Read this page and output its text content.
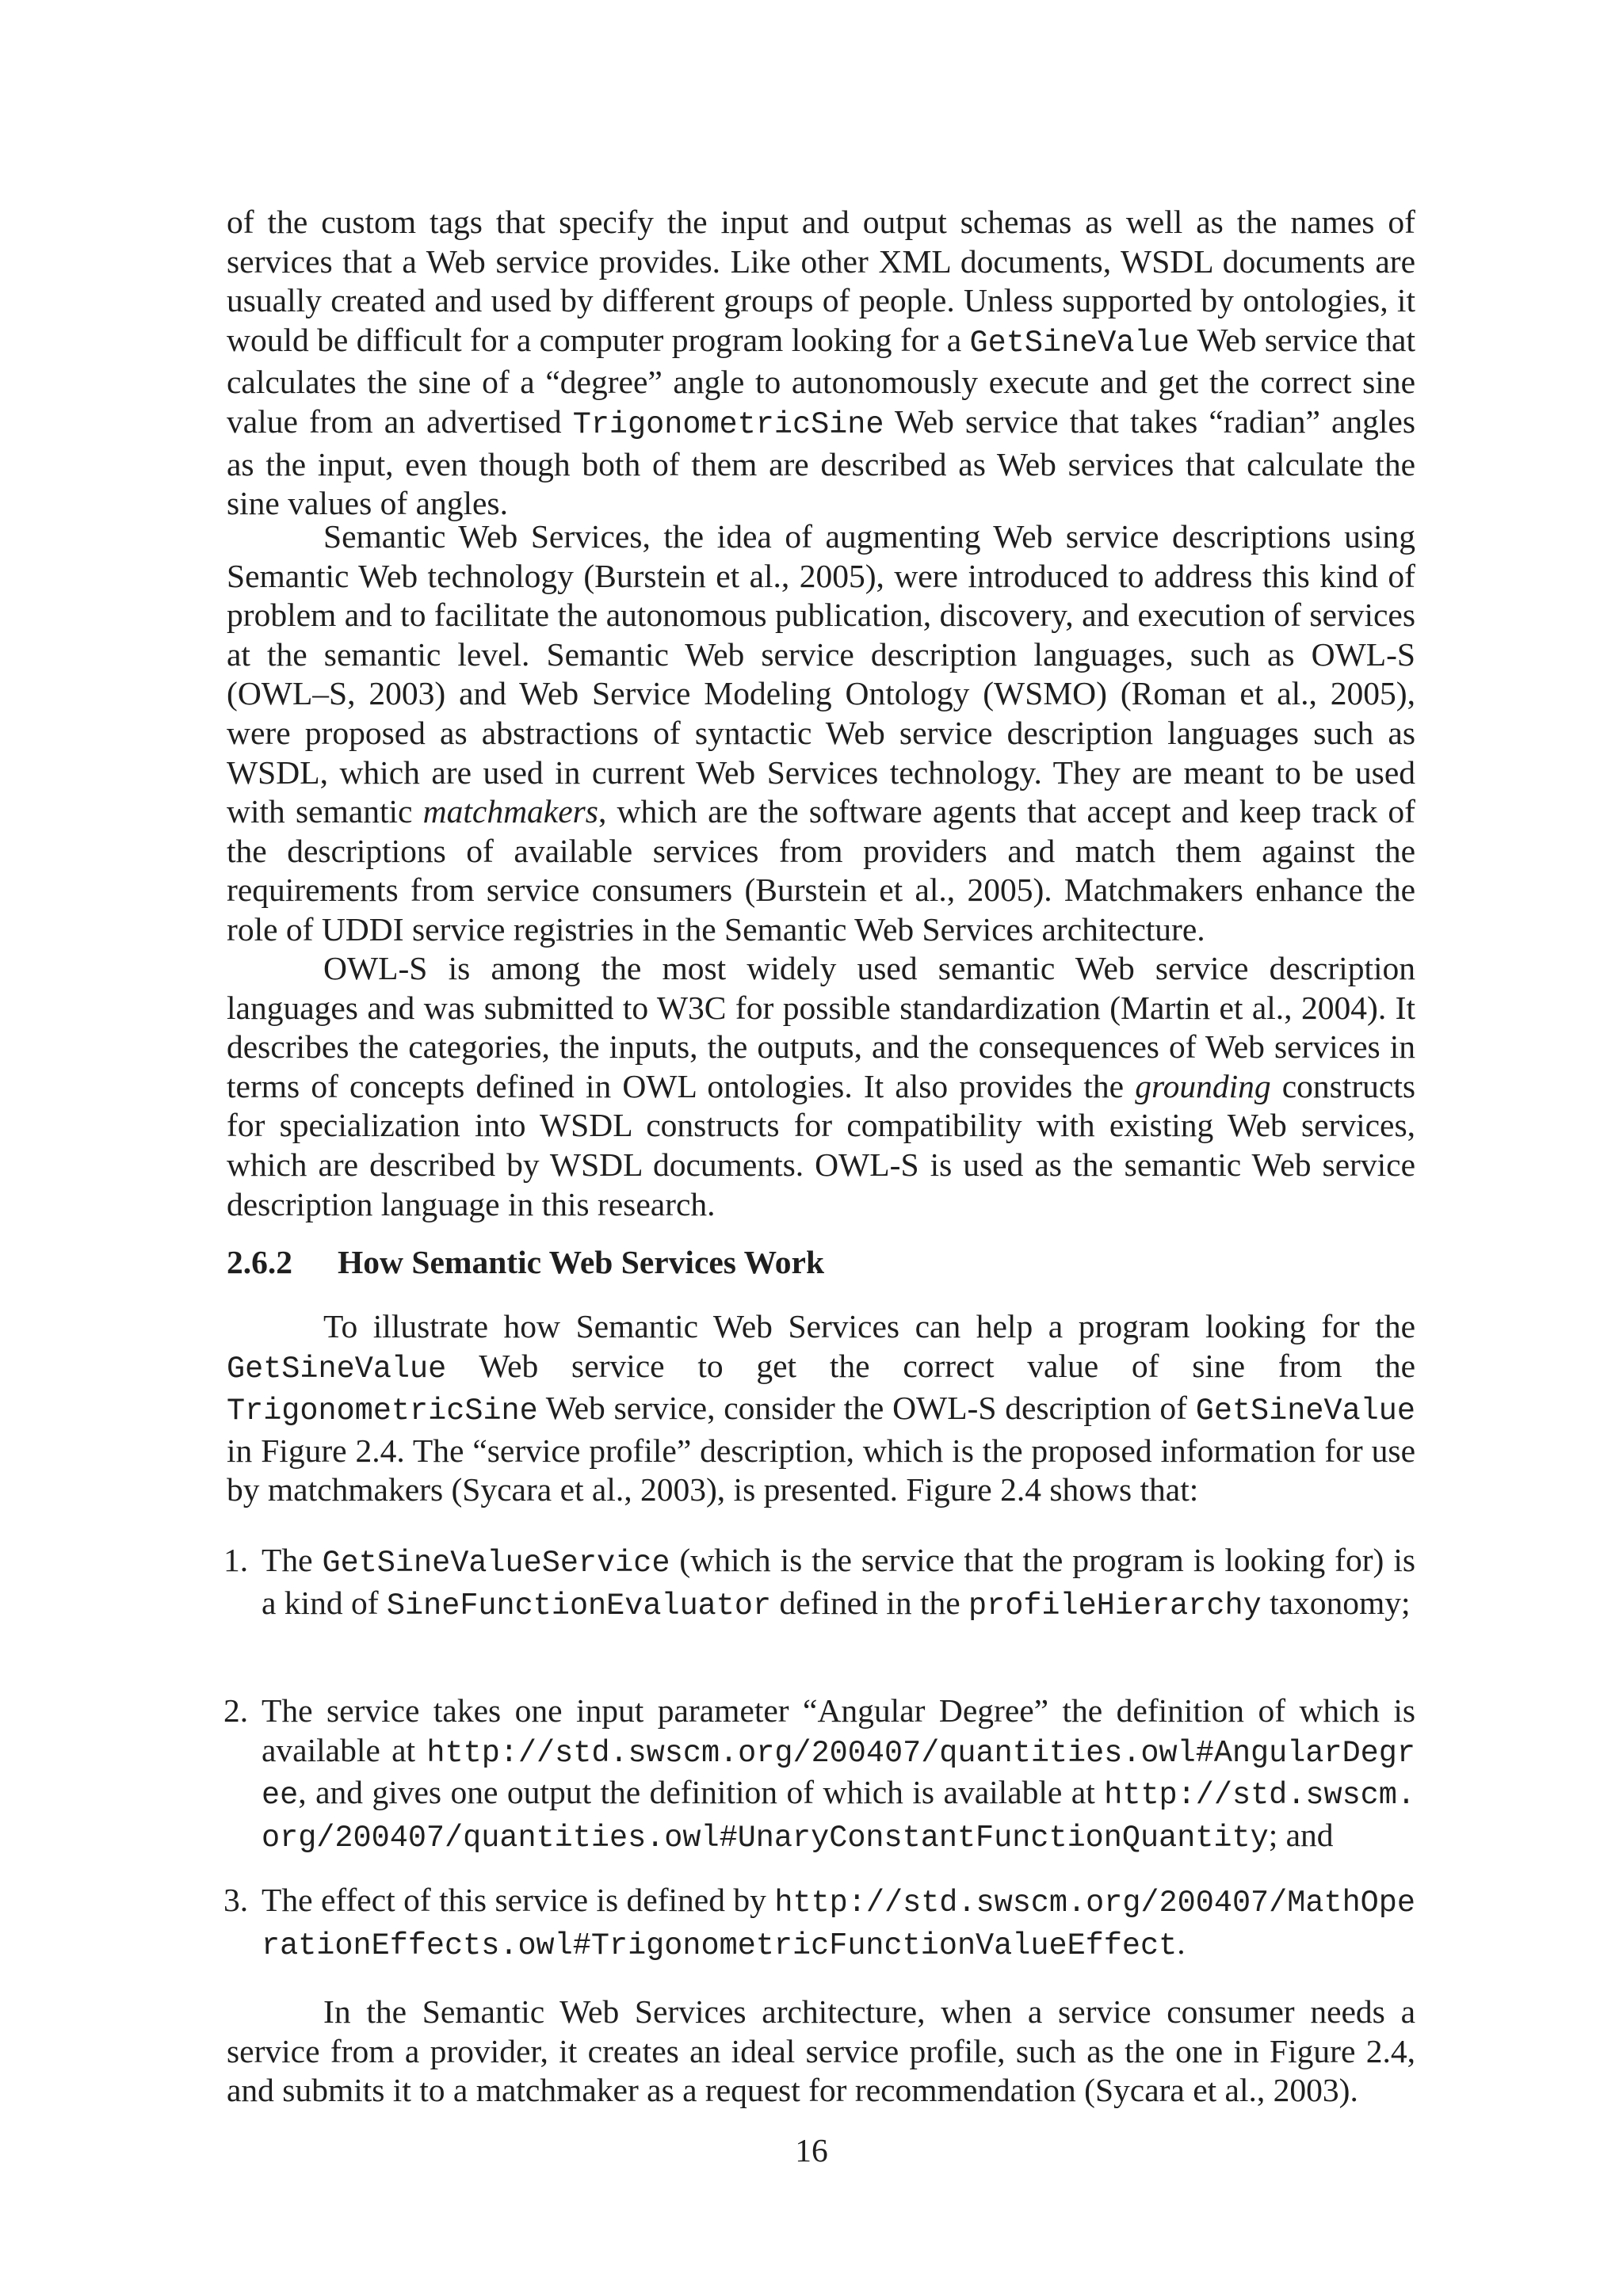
of the custom tags that specify the input and output schemas as well as the names of services that a Web service provides. Like other XML documents, WSDL documents are usually created and used by different groups of people. Unless supported by ontologies, it would be difficult for a computer program looking for a GetSineValue Web service that calculates the sine of a “degree” angle to autonomously execute and get the correct sine value from an advertised TrigonometricSine Web service that takes “radian” angles as the input, even though both of them are described as Web services that calculate the sine values of angles.

Semantic Web Services, the idea of augmenting Web service descriptions using Semantic Web technology (Burstein et al., 2005), were introduced to address this kind of problem and to facilitate the autonomous publication, discovery, and execution of services at the semantic level. Semantic Web service description languages, such as OWL-S (OWL–S, 2003) and Web Service Modeling Ontology (WSMO) (Roman et al., 2005), were proposed as abstractions of syntactic Web service description languages such as WSDL, which are used in current Web Services technology. They are meant to be used with semantic matchmakers, which are the software agents that accept and keep track of the descriptions of available services from providers and match them against the requirements from service consumers (Burstein et al., 2005). Matchmakers enhance the role of UDDI service registries in the Semantic Web Services architecture.

OWL-S is among the most widely used semantic Web service description languages and was submitted to W3C for possible standardization (Martin et al., 2004). It describes the categories, the inputs, the outputs, and the consequences of Web services in terms of concepts defined in OWL ontologies. It also provides the grounding constructs for specialization into WSDL constructs for compatibility with existing Web services, which are described by WSDL documents. OWL-S is used as the semantic Web service description language in this research.

2.6.2 How Semantic Web Services Work

To illustrate how Semantic Web Services can help a program looking for the GetSineValue Web service to get the correct value of sine from the TrigonometricSine Web service, consider the OWL-S description of GetSineValue in Figure 2.4. The “service profile” description, which is the proposed information for use by matchmakers (Sycara et al., 2003), is presented. Figure 2.4 shows that:

1. The GetSineValueService (which is the service that the program is looking for) is a kind of SineFunctionEvaluator defined in the profileHierarchy taxonomy;

2. The service takes one input parameter “Angular Degree” the definition of which is available at http://std.swscm.org/200407/quantities.owl#AngularDegree, and gives one output the definition of which is available at http://std.swscm.org/200407/quantities.owl#UnaryConstantFunctionQuantity; and

3. The effect of this service is defined by http://std.swscm.org/200407/MathOperationEffects.owl#TrigonometricFunctionValueEffect.

In the Semantic Web Services architecture, when a service consumer needs a service from a provider, it creates an ideal service profile, such as the one in Figure 2.4, and submits it to a matchmaker as a request for recommendation (Sycara et al., 2003).

16
